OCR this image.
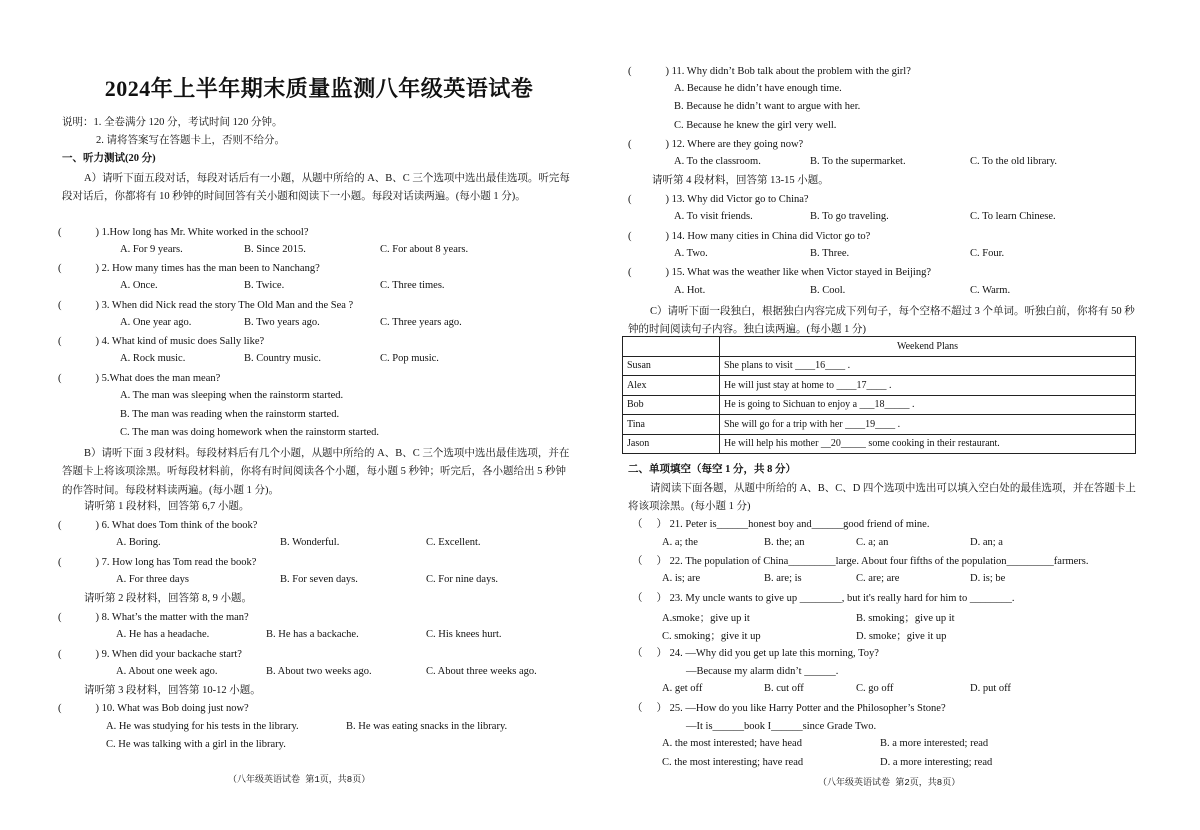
2024年上半年期末质量监测八年级英语试卷
说明：1. 全卷满分 120 分，考试时间 120 分钟。
2. 请将答案写在答题卡上，否则不给分。
一、听力测试(20 分)
A）请听下面五段对话，每段对话后有一小题，从题中所给的 A、B、C 三个选项中选出最佳选项。听完每段对话后，你都将有 10 秒钟的时间回答有关小题和阅读下一小题。每段对话读两遍。(每小题 1 分)。
(	) 1.How long has Mr. White worked in the school?
A. For 9 years.	B. Since 2015.	C. For about 8 years.
(	) 2. How many times has the man been to Nanchang?
A. Once.	B. Twice.	C. Three times.
(	) 3. When did Nick read the story The Old Man and the Sea ?
A. One year ago.	B. Two years ago.	C. Three years ago.
(	) 4. What kind of music does Sally like?
A. Rock music.	B. Country music.	C. Pop music.
(	) 5.What does the man mean?
A. The man was sleeping when the rainstorm started.
B. The man was reading when the rainstorm started.
C. The man was doing homework when the rainstorm started.
B）请听下面 3 段材料。每段材料后有几个小题，从题中所给的 A、B、C 三个选项中选出最佳选项，并在答题卡上将该项涂黑。听每段材料前，你将有时间阅读各个小题，每小题 5 秒钟；听完后，各小题给出 5 秒钟的作答时间。每段材料读两遍。(每小题 1 分)。
请听第 1 段材料，回答第 6,7 小题。
(	) 6. What does Tom think of the book?
A. Boring.	B. Wonderful.	C. Excellent.
(	) 7. How long has Tom read the book?
A. For three days	B. For seven days.	C. For nine days.
请听第 2 段材料，回答第 8, 9 小题。
(	) 8. What’s the matter with the man?
A. He has a headache.	B. He has a backache.	C. His knees hurt.
(	) 9. When did your backache start?
A. About one week ago.	B. About two weeks ago.	C. About three weeks ago.
请听第 3 段材料，回答第 10-12 小题。
(	) 10. What was Bob doing just now?
A. He was studying for his tests in the library.	B. He was eating snacks in the library.
C. He was talking with a girl in the library.
（八年级英语试卷 第1页，共8页）
(	) 11. Why didn’t Bob talk about the problem with the girl?
A. Because he didn’t have enough time.
B. Because he didn’t want to argue with her.
C. Because he knew the girl very well.
(	) 12. Where are they going now?
A. To the classroom.	B. To the supermarket.	C. To the old library.
请听第 4 段材料，回答第 13-15 小题。
(	) 13. Why did Victor go to China?
A. To visit friends.	B. To go traveling.	C. To learn Chinese.
(	) 14. How many cities in China did Victor go to?
A. Two.	B. Three.	C. Four.
(	) 15. What was the weather like when Victor stayed in Beijing?
A. Hot.	B. Cool.	C. Warm.
C）请听下面一段独白，根据独白内容完成下列句子，每个空格不超过 3 个单词。听独白前，你将有 50 秒钟的时间阅读句子内容。独白读两遍。(每小题 1 分)
	Weekend Plans
Susan	She plans to visit ____16____ .
Alex	He will just stay at home to ____17____ .
Bob	He is going to Sichuan to enjoy a ___18_____ .
Tina	She will go for a trip with her ____19____ .
Jason	He will help his mother __20_____ some cooking in their restaurant.
二、单项填空（每空 1 分，共 8 分）
请阅读下面各题，从题中所给的 A、B、C、D 四个选项中选出可以填入空白处的最佳选项，并在答题卡上将该项涂黑。(每小题 1 分)
（ ） 21. Peter is______honest boy and______good friend of mine.
A. a; the	B. the; an	C. a; an	D. an; a
（ ） 22. The population of China_________large. About four fifths of the population_________farmers.
A. is; are	B. are; is	C. are; are	D. is; be
（ ） 23. My uncle wants to give up ________, but it's really hard for him to ________.
A.smoke；give up it	B. smoking；give up it
C. smoking；give it up	D. smoke；give it up
（ ） 24. —Why did you get up late this morning, Toy?
—Because my alarm didn’t ______.
A. get off	B. cut off	C. go off	D. put off
（ ） 25. —How do you like Harry Potter and the Philosopher’s Stone?
—It is______book I______since Grade Two.
A. the most interested; have head	B. a more interested; read
C. the most interesting; have read	D. a more interesting; read
（八年级英语试卷 第2页，共8页）
